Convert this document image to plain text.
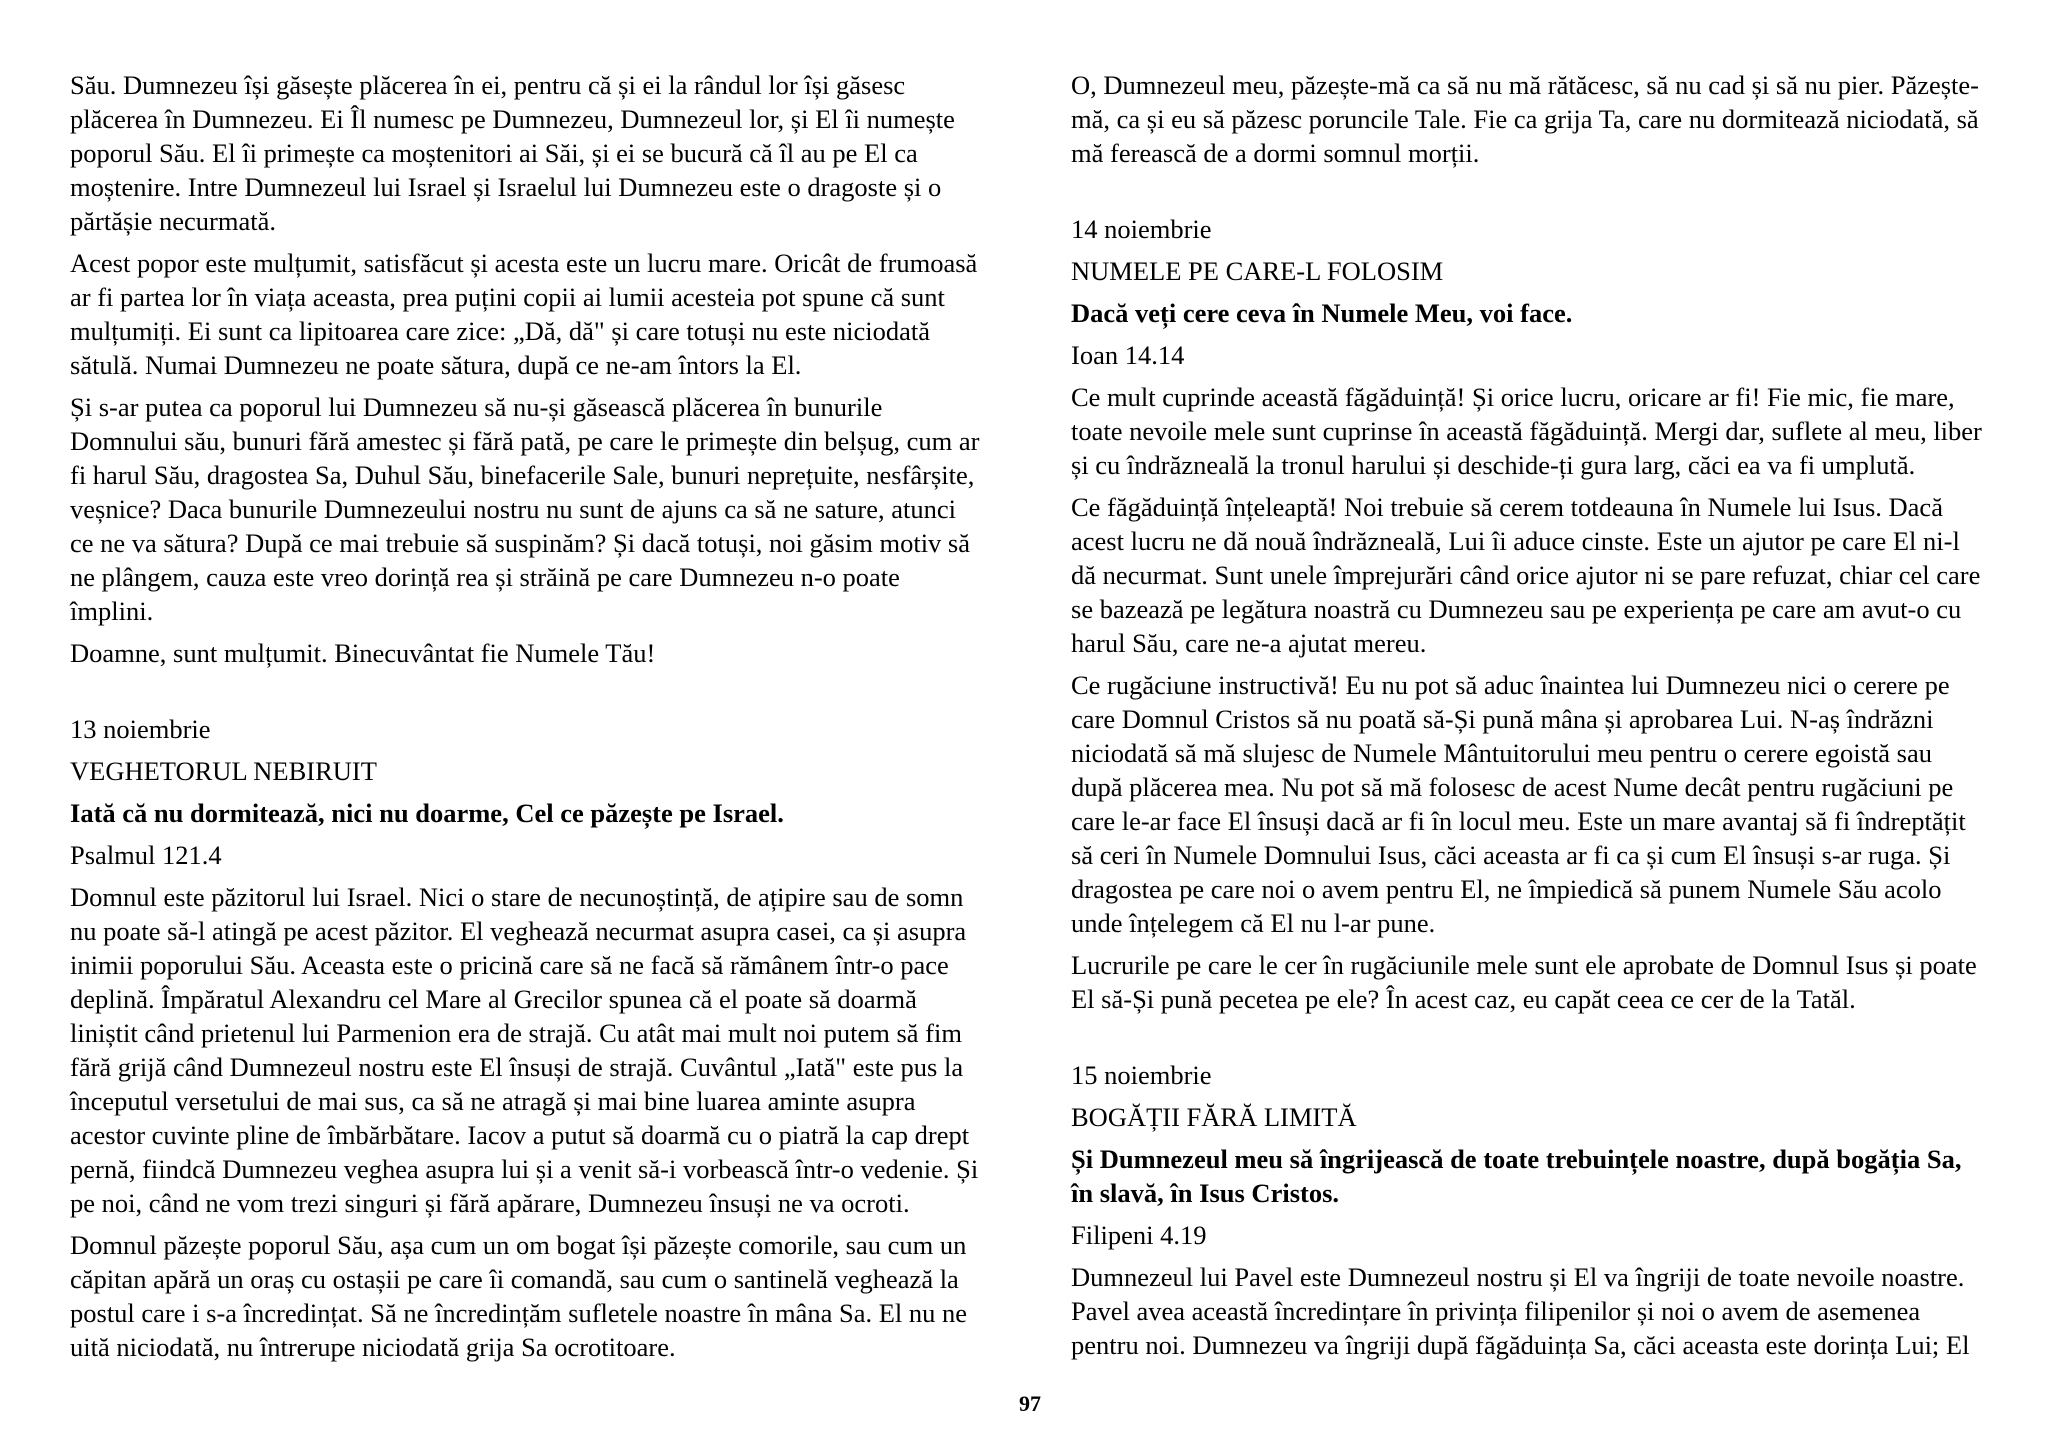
Său. Dumnezeu își găsește plăcerea în ei, pentru că și ei la rândul lor își găsesc plăcerea în Dumnezeu. Ei Îl numesc pe Dumnezeu, Dumnezeul lor, și El îi numește poporul Său. El îi primește ca moștenitori ai Săi, și ei se bucură că îl au pe El ca moștenire. Intre Dumnezeul lui Israel și Israelul lui Dumnezeu este o dragoste și o părtășie necurmată.

Acest popor este mulțumit, satisfăcut și acesta este un lucru mare. Oricât de frumoasă ar fi partea lor în viața aceasta, prea puțini copii ai lumii acesteia pot spune că sunt mulțumiți. Ei sunt ca lipitoarea care zice: „Dă, dă" și care totuși nu este niciodată sătulă. Numai Dumnezeu ne poate sătura, după ce ne-am întors la El.

Și s-ar putea ca poporul lui Dumnezeu să nu-și găsească plăcerea în bunurile Domnului său, bunuri fără amestec și fără pată, pe care le primește din belșug, cum ar fi harul Său, dragostea Sa, Duhul Său, binefacerile Sale, bunuri neprețuite, nesfârșite, veșnice? Daca bunurile Dumnezeului nostru nu sunt de ajuns ca să ne sature, atunci ce ne va sătura? După ce mai trebuie să suspinăm? Și dacă totuși, noi găsim motiv să ne plângem, cauza este vreo dorință rea și străină pe care Dumnezeu n-o poate împlini.

Doamne, sunt mulțumit. Binecuvântat fie Numele Tău!

13 noiembrie
VEGHETORUL NEBIRUIT
Iată că nu dormitează, nici nu doarme, Cel ce păzește pe Israel.
Psalmul 121.4

Domnul este păzitorul lui Israel. Nici o stare de necunoștință, de ațipire sau de somn nu poate să-l atingă pe acest păzitor. El veghează necurmat asupra casei, ca și asupra inimii poporului Său. Aceasta este o pricină care să ne facă să rămânem într-o pace deplină. Împăratul Alexandru cel Mare al Grecilor spunea că el poate să doarmă liniștit când prietenul lui Parmenion era de strajă. Cu atât mai mult noi putem să fim fără grijă când Dumnezeul nostru este El însuși de strajă. Cuvântul „Iată" este pus la începutul versetului de mai sus, ca să ne atragă și mai bine luarea aminte asupra acestor cuvinte pline de îmbărbătare. Iacov a putut să doarmă cu o piatră la cap drept pernă, fiindcă Dumnezeu veghea asupra lui și a venit să-i vorbească într-o vedenie. Și pe noi, când ne vom trezi singuri și fără apărare, Dumnezeu însuși ne va ocroti.

Domnul păzește poporul Său, așa cum un om bogat își păzește comorile, sau cum un căpitan apără un oraș cu ostașii pe care îi comandă, sau cum o santinelă veghează la postul care i s-a încredințat. Să ne încredințăm sufletele noastre în mâna Sa. El nu ne uită niciodată, nu întrerupe niciodată grija Sa ocrotitoare.

O, Dumnezeul meu, păzește-mă ca să nu mă rătăcesc, să nu cad și să nu pier. Păzește-mă, ca și eu să păzesc poruncile Tale. Fie ca grija Ta, care nu dormitează niciodată, să mă ferească de a dormi somnul morții.

14 noiembrie
NUMELE PE CARE-L FOLOSIM
Dacă veți cere ceva în Numele Meu, voi face.
Ioan 14.14

Ce mult cuprinde această făgăduință! Și orice lucru, oricare ar fi! Fie mic, fie mare, toate nevoile mele sunt cuprinse în această făgăduință. Mergi dar, suflete al meu, liber și cu îndrăzneală la tronul harului și deschide-ți gura larg, căci ea va fi umplută.

Ce făgăduință înțeleaptă! Noi trebuie să cerem totdeauna în Numele lui Isus. Dacă acest lucru ne dă nouă îndrăzneală, Lui îi aduce cinste. Este un ajutor pe care El ni-l dă necurmat. Sunt unele împrejurări când orice ajutor ni se pare refuzat, chiar cel care se bazează pe legătura noastră cu Dumnezeu sau pe experiența pe care am avut-o cu harul Său, care ne-a ajutat mereu.

Ce rugăciune instructivă! Eu nu pot să aduc înaintea lui Dumnezeu nici o cerere pe care Domnul Cristos să nu poată să-Și pună mâna și aprobarea Lui. N-aș îndrăzni niciodată să mă slujesc de Numele Mântuitorului meu pentru o cerere egoistă sau după plăcerea mea. Nu pot să mă folosesc de acest Nume decât pentru rugăciuni pe care le-ar face El însuși dacă ar fi în locul meu. Este un mare avantaj să fi îndreptățit să ceri în Numele Domnului Isus, căci aceasta ar fi ca și cum El însuși s-ar ruga. Și dragostea pe care noi o avem pentru El, ne împiedică să punem Numele Său acolo unde înțelegem că El nu l-ar pune.

Lucrurile pe care le cer în rugăciunile mele sunt ele aprobate de Domnul Isus și poate El să-Și pună pecetea pe ele? În acest caz, eu capăt ceea ce cer de la Tatăl.

15 noiembrie
BOGĂȚII FĂRĂ LIMITĂ
Și Dumnezeul meu să îngrijească de toate trebuințele noastre, după bogăția Sa, în slavă, în Isus Cristos.
Filipeni 4.19

Dumnezeul lui Pavel este Dumnezeul nostru și El va îngriji de toate nevoile noastre. Pavel avea această încredințare în privința filipenilor și noi o avem de asemenea pentru noi. Dumnezeu va îngriji după făgăduința Sa, căci aceasta este dorința Lui; El

97
